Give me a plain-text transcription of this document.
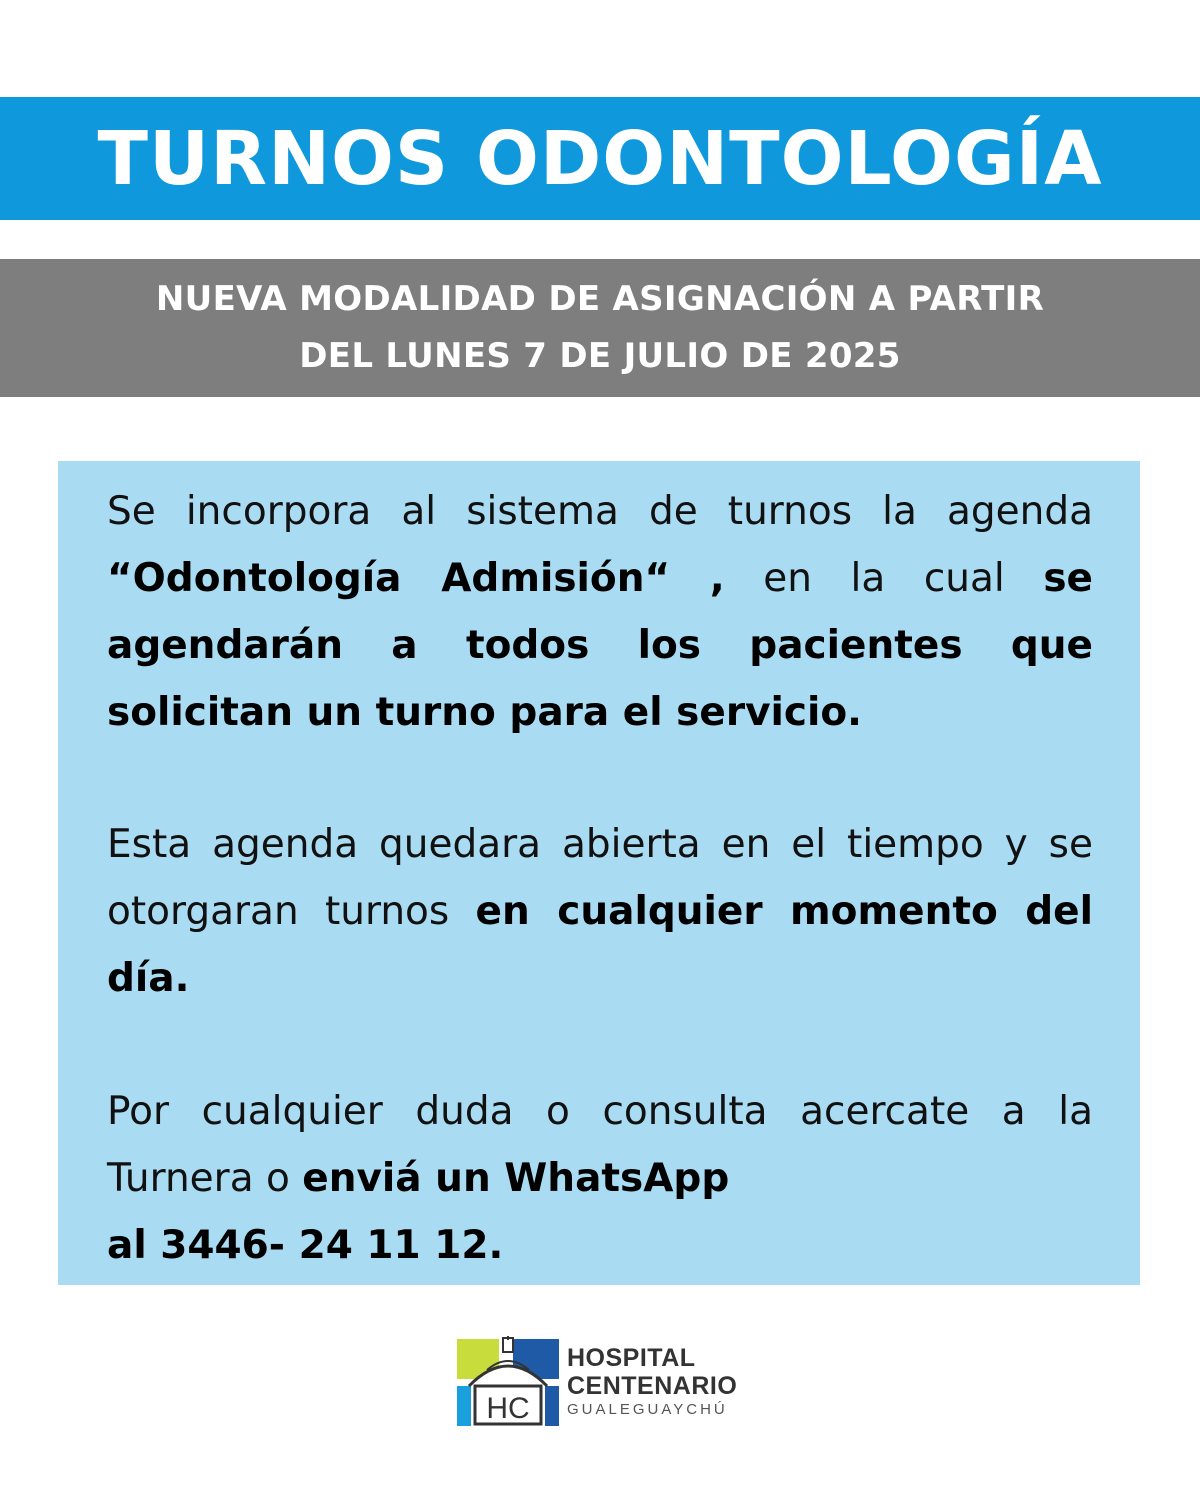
TURNOS ODONTOLOGÍA
NUEVA MODALIDAD DE ASIGNACIÓN A PARTIR
DEL LUNES 7 DE JULIO DE 2025
Se incorpora al sistema de turnos la agenda “Odontología Admisión“ , en la cual se agendarán a todos los pacientes que solicitan un turno para el servicio.
Esta agenda quedara abierta en el tiempo y se otorgaran turnos en cualquier momento del día.
Por cualquier duda o consulta acercate a la Turnera o enviá un WhatsApp
al 3446- 24 11 12.
HC
HOSPITAL
CENTENARIO
GUALEGUAYCHÚ
